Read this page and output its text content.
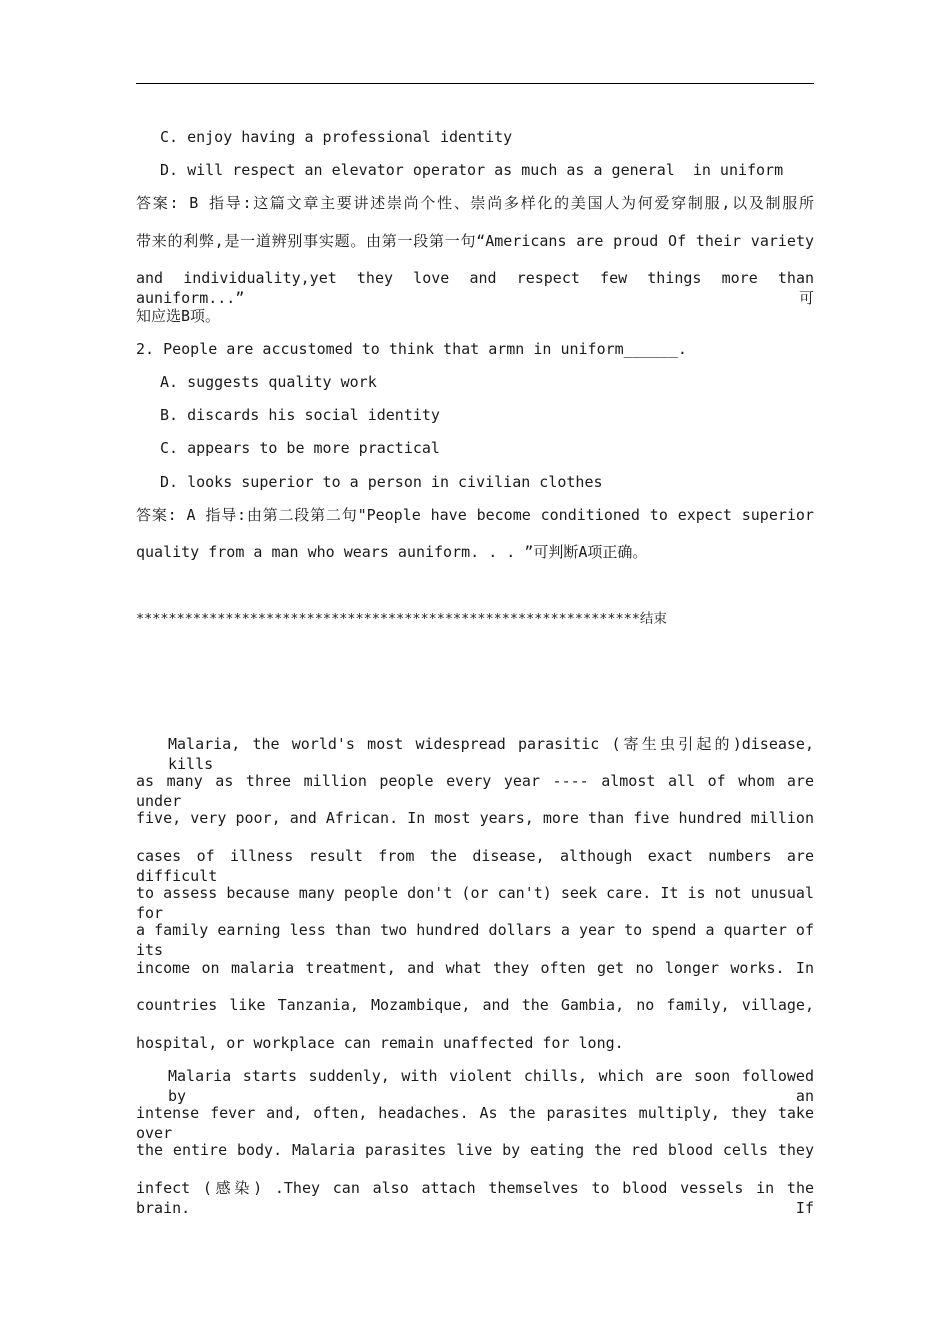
C. enjoy having a professional identity
D. will respect an elevator operator as much as a general  in uniform
答案: B 指导:这篇文章主要讲述崇尚个性、崇尚多样化的美国人为何爱穿制服,以及制服所
带来的利弊,是一道辨别事实题。由第一段第一句“Americans are proud Of their variety
and individuality,yet they love and respect few things more than auniform...”可
知应选B项。
2. People are accustomed to think that armn in uniform______.
A. suggests quality work
B. discards his social identity
C. appears to be more practical
D. looks superior to a person in civilian clothes
答案: A 指导:由第二段第二句"People have become conditioned to expect superior
quality from a man who wears auniform. . . ”可判断A项正确。
**************************************************************结束
Malaria, the world's most widespread parasitic (寄生虫引起的)disease, kills
as many as three million people every year ---- almost all of whom are under
five, very poor, and African. In most years, more than five hundred million
cases of illness result from the disease, although exact numbers are difficult
to assess because many people don't (or can't) seek care. It is not unusual for
a family earning less than two hundred dollars a year to spend a quarter of its
income on malaria treatment, and what they often get no longer works. In
countries like Tanzania, Mozambique, and the Gambia, no family, village,
hospital, or workplace can remain unaffected for long.
Malaria starts suddenly, with violent chills, which are soon followed by an
intense fever and, often, headaches. As the parasites multiply, they take over
the entire body. Malaria parasites live by eating the red blood cells they
infect (感染) .They can also attach themselves to blood vessels in the brain. If
